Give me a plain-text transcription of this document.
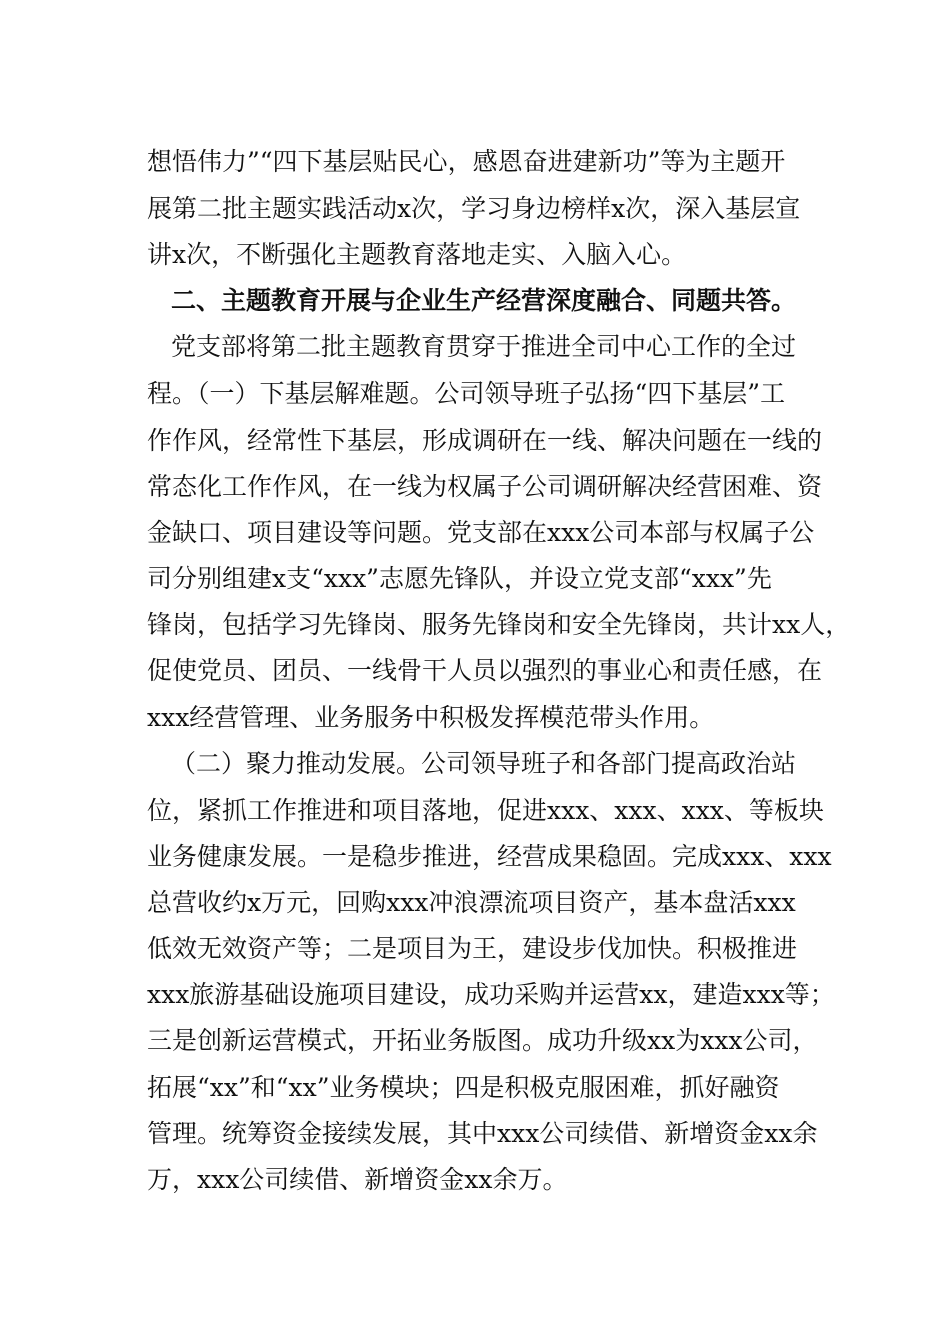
想悟伟力”“四下基层贴民心，感恩奋进建新功”等为主题开
展第二批主题实践活动x次，学习身边榜样x次，深入基层宣
讲x次，不断强化主题教育落地走实、入脑入心。
二、主题教育开展与企业生产经营深度融合、同题共答。
党支部将第二批主题教育贯穿于推进全司中心工作的全过
程。（一）下基层解难题。公司领导班子弘扬“四下基层”工
作作风，经常性下基层，形成调研在一线、解决问题在一线的
常态化工作作风，在一线为权属子公司调研解决经营困难、资
金缺口、项目建设等问题。党支部在xxx公司本部与权属子公
司分别组建x支“xxx”志愿先锋队，并设立党支部“xxx”先
锋岗，包括学习先锋岗、服务先锋岗和安全先锋岗，共计xx人，
促使党员、团员、一线骨干人员以强烈的事业心和责任感，在
xxx经营管理、业务服务中积极发挥模范带头作用。
（二）聚力推动发展。公司领导班子和各部门提高政治站
位，紧抓工作推进和项目落地，促进xxx、xxx、xxx、等板块
业务健康发展。一是稳步推进，经营成果稳固。完成xxx、xxx
总营收约x万元，回购xxx冲浪漂流项目资产，基本盘活xxx
低效无效资产等；二是项目为王，建设步伐加快。积极推进
xxx旅游基础设施项目建设，成功采购并运营xx，建造xxx等；
三是创新运营模式，开拓业务版图。成功升级xx为xxx公司，
拓展“xx”和“xx”业务模块；四是积极克服困难，抓好融资
管理。统筹资金接续发展，其中xxx公司续借、新增资金xx余
万，xxx公司续借、新增资金xx余万。
